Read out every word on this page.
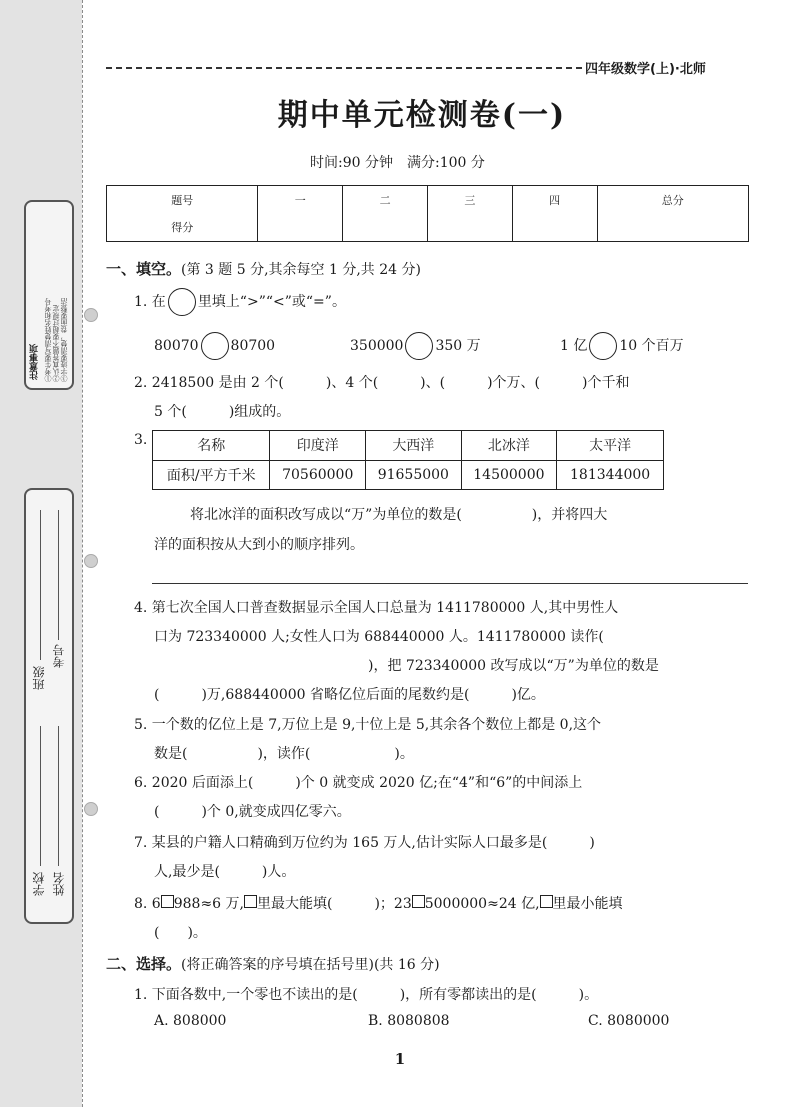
注意事项 ①考生要写清楚姓名和考号
②认真答题不要超过规定
③字迹要清楚，卷面要整洁
班级
考号
学校 姓名
四年级数学(上)·北师
期中单元检测卷(一)
时间:90 分钟　满分:100 分
题号	一	二	三	四	总分
得分					
一、填空。(第 3 题 5 分,其余每空 1 分,共 24 分)
1. 在 里填上“>”“<”或“=”。
80070 80700	350000 350 万	1 亿 10 个百万
2. 2418500 是由 2 个(　　　)、4 个(　　　)、(　　　)个万、(　　　)个千和
5 个(　　　)组成的。
3.	名称	印度洋	大西洋	北冰洋	太平洋
面积/平方千米	70560000	91655000	14500000	181344000
将北冰洋的面积改写成以“万”为单位的数是(　　　　　)，并将四大
洋的面积按从大到小的顺序排列。
4. 第七次全国人口普查数据显示全国人口总量为 1411780000 人,其中男性人
口为 723340000 人;女性人口为 688440000 人。1411780000 读作(
)，把 723340000 改写成以“万”为单位的数是
(　　　)万,688440000 省略亿位后面的尾数约是(　　　)亿。
5. 一个数的亿位上是 7,万位上是 9,十位上是 5,其余各个数位上都是 0,这个
数是(　　　　　)，读作(　　　　　　)。
6. 2020 后面添上(　　　)个 0 就变成 2020 亿;在“4”和“6”的中间添上
(　　　)个 0,就变成四亿零六。
7. 某县的户籍人口精确到万位约为 165 万人,估计实际人口最多是(　　　)
人,最少是(　　　)人。
8. 6 988≈6 万, 里最大能填(　　　)；23 5000000≈24 亿, 里最小能填
(　　)。
二、选择。(将正确答案的序号填在括号里)(共 16 分)
1. 下面各数中,一个零也不读出的是(　　　)，所有零都读出的是(　　　)。
A. 808000	B. 8080808	C. 8080000
1
